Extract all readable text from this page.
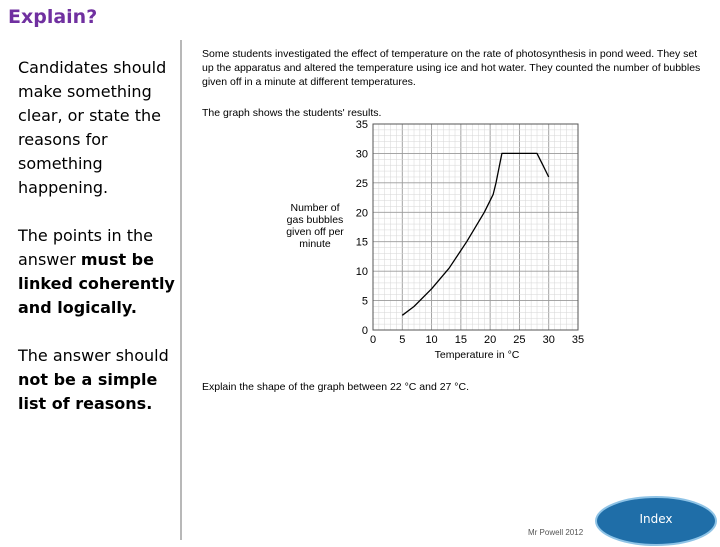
Explain?
Candidates should make something clear, or state the reasons for something happening.
The points in the answer must be linked coherently and logically.
The answer should not be a simple list of reasons.
Some students investigated the effect of temperature on the rate of photosynthesis in pond weed. They set up the apparatus and altered the temperature using ice and hot water. They counted the number of bubbles given off in a minute at different temperatures.
The graph shows the students' results.
Explain the shape of the graph between 22 °C and 27 °C.
Number of gas bubbles given off per minute
Temperature in °C
0 5 10 15 20 25 30 35
0
5
10
15
20
25
30
35
Mr Powell 2012
Index
